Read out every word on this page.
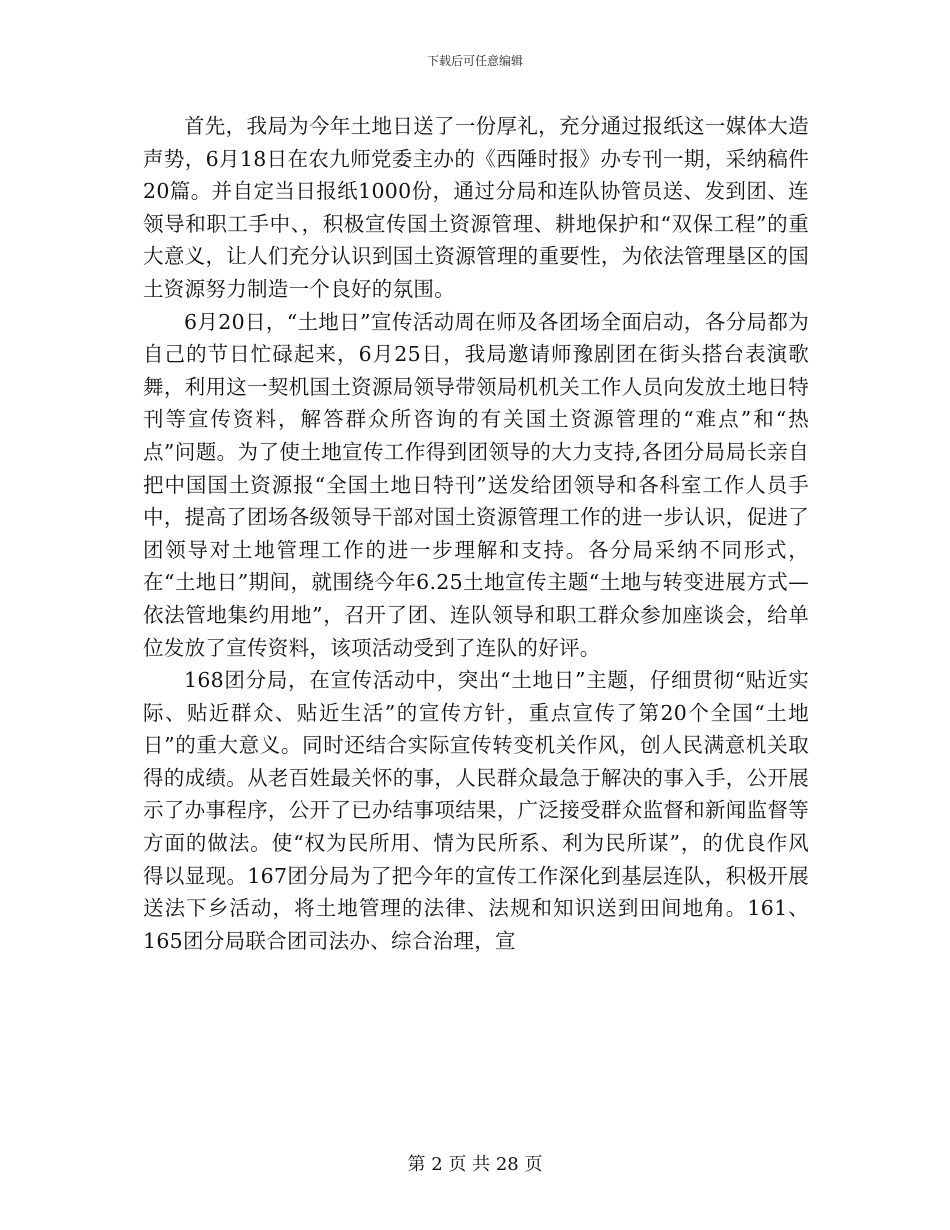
下载后可任意编辑

首先，我局为今年土地日送了一份厚礼，充分通过报纸这一媒体大造声势，6月18日在农九师党委主办的《西陲时报》办专刊一期，采纳稿件20篇。并自定当日报纸1000份，通过分局和连队协管员送、发到团、连领导和职工手中、，积极宣传国土资源管理、耕地保护和“双保工程”的重大意义，让人们充分认识到国土资源管理的重要性，为依法管理垦区的国土资源努力制造一个良好的氛围。

6月20日，“土地日”宣传活动周在师及各团场全面启动，各分局都为自己的节日忙碌起来，6月25日，我局邀请师豫剧团在街头搭台表演歌舞，利用这一契机国土资源局领导带领局机机关工作人员向发放土地日特刊等宣传资料，解答群众所咨询的有关国土资源管理的“难点”和“热点”问题。为了使土地宣传工作得到团领导的大力支持,各团分局局长亲自把中国国土资源报“全国土地日特刊”送发给团领导和各科室工作人员手中，提高了团场各级领导干部对国土资源管理工作的进一步认识，促进了团领导对土地管理工作的进一步理解和支持。各分局采纳不同形式，在“土地日”期间，就围绕今年6.25土地宣传主题“土地与转变进展方式—依法管地集约用地”，召开了团、连队领导和职工群众参加座谈会，给单位发放了宣传资料，该项活动受到了连队的好评。

168团分局，在宣传活动中，突出“土地日”主题，仔细贯彻“贴近实际、贴近群众、贴近生活”的宣传方针，重点宣传了第20个全国“土地日”的重大意义。同时还结合实际宣传转变机关作风，创人民满意机关取得的成绩。从老百姓最关怀的事，人民群众最急于解决的事入手，公开展示了办事程序，公开了已办结事项结果，广泛接受群众监督和新闻监督等方面的做法。使“权为民所用、情为民所系、利为民所谋”，的优良作风得以显现。167团分局为了把今年的宣传工作深化到基层连队，积极开展送法下乡活动，将土地管理的法律、法规和知识送到田间地角。161、165团分局联合团司法办、综合治理，宣

第 2 页 共 28 页
